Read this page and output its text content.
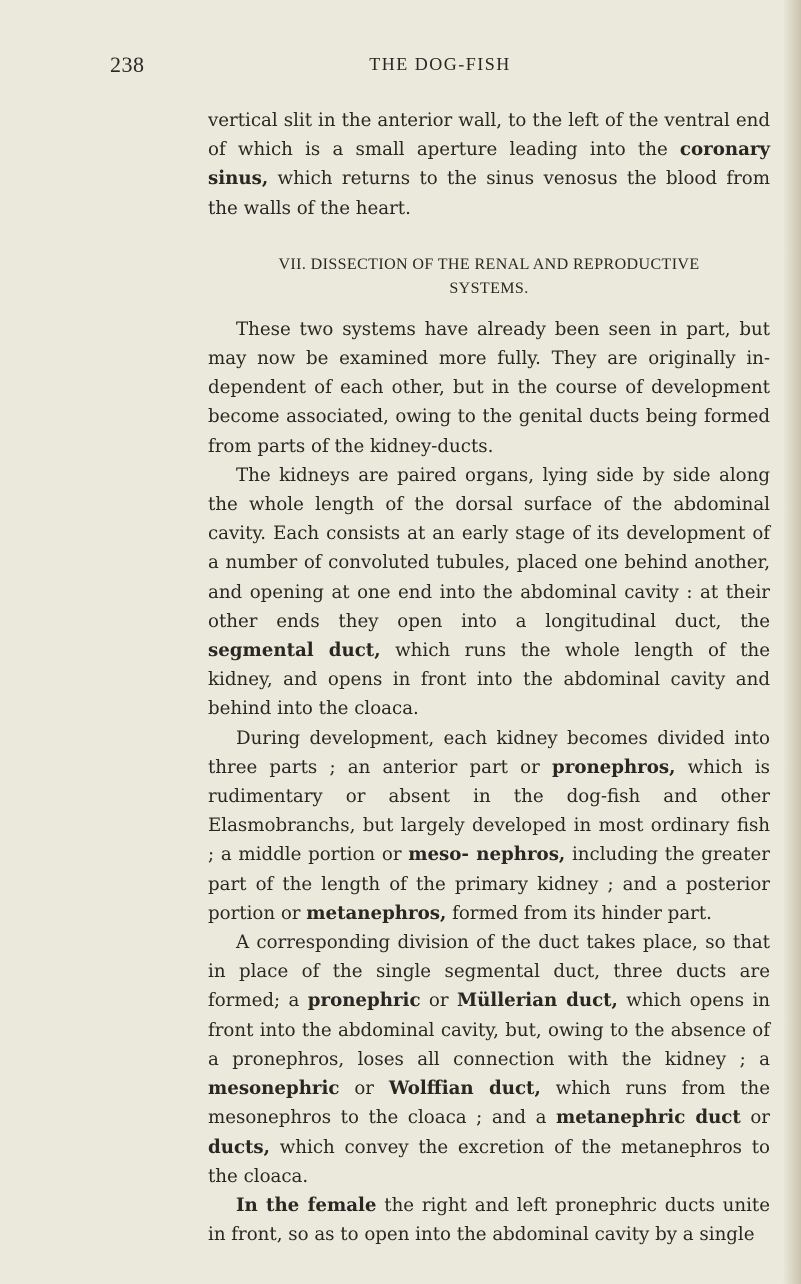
238	THE DOG-FISH

vertical slit in the anterior wall, to the left of the ventral end of which is a small aperture leading into the coronary sinus, which returns to the sinus venosus the blood from the walls of the heart.

VII. DISSECTION OF THE RENAL AND REPRODUCTIVE
SYSTEMS.

These two systems have already been seen in part, but may now be examined more fully. They are originally in- dependent of each other, but in the course of development become associated, owing to the genital ducts being formed from parts of the kidney-ducts.

The kidneys are paired organs, lying side by side along the whole length of the dorsal surface of the abdominal cavity. Each consists at an early stage of its development of a number of convoluted tubules, placed one behind another, and opening at one end into the abdominal cavity : at their other ends they open into a longitudinal duct, the segmental duct, which runs the whole length of the kidney, and opens in front into the abdominal cavity and behind into the cloaca.

During development, each kidney becomes divided into three parts ; an anterior part or pronephros, which is rudimentary or absent in the dog-fish and other Elasmobranchs, but largely developed in most ordinary fish ; a middle portion or meso- nephros, including the greater part of the length of the primary kidney ; and a posterior portion or metanephros, formed from its hinder part.

A corresponding division of the duct takes place, so that in place of the single segmental duct, three ducts are formed; a pronephric or Müllerian duct, which opens in front into the abdominal cavity, but, owing to the absence of a pronephros, loses all connection with the kidney ; a mesonephric or Wolffian duct, which runs from the mesonephros to the cloaca ; and a metanephric duct or ducts, which convey the excretion of the metanephros to the cloaca.

In the female the right and left pronephric ducts unite in front, so as to open into the abdominal cavity by a single
